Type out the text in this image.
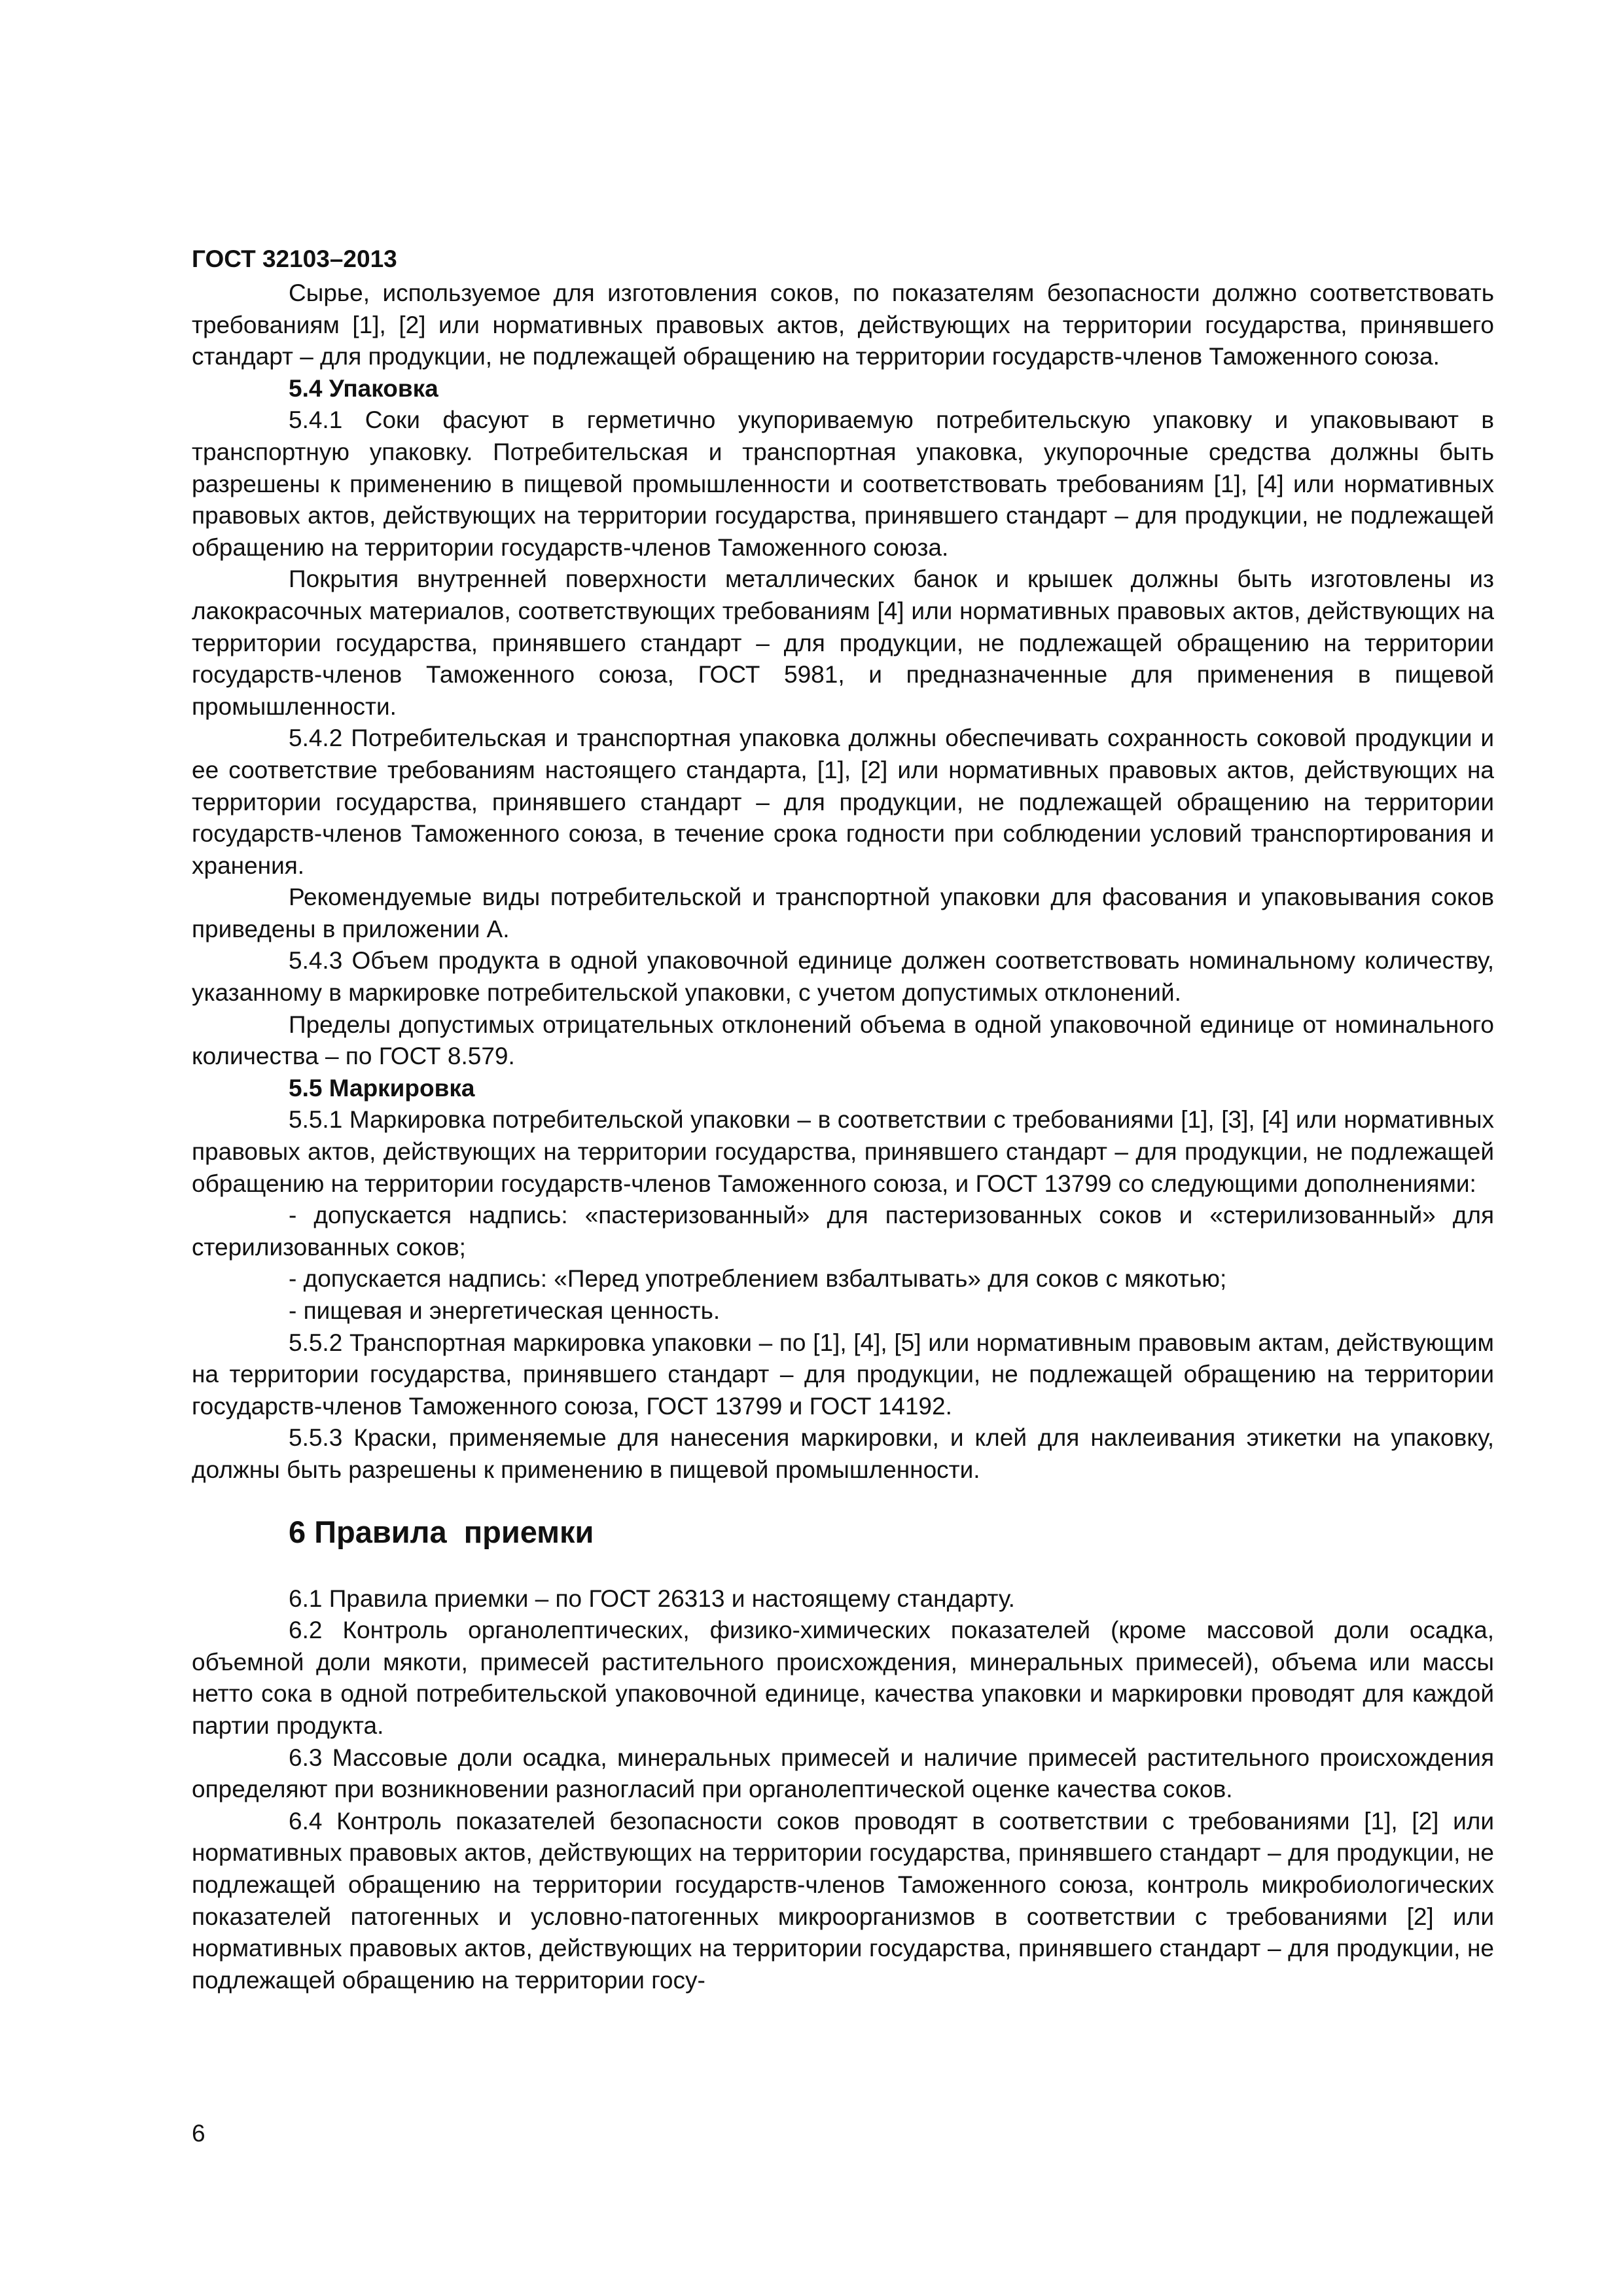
ГОСТ 32103–2013

Сырье, используемое для изготовления соков, по показателям безопасности должно соответствовать требованиям [1], [2] или нормативных правовых актов, действующих на территории государства, принявшего стандарт – для продукции, не подлежащей обращению на территории государств-членов Таможенного союза.

5.4 Упаковка

5.4.1 Соки фасуют в герметично укупориваемую потребительскую упаковку и упаковывают в транспортную упаковку. Потребительская и транспортная упаковка, укупорочные средства должны быть разрешены к применению в пищевой промышленности и соответствовать требованиям [1], [4] или нормативных правовых актов, действующих на территории государства, принявшего стандарт – для продукции, не подлежащей обращению на территории государств-членов Таможенного союза.

Покрытия внутренней поверхности металлических банок и крышек должны быть изготовлены из лакокрасочных материалов, соответствующих требованиям [4] или нормативных правовых актов, действующих на территории государства, принявшего стандарт – для продукции, не подлежащей обращению на территории государств-членов Таможенного союза, ГОСТ 5981, и предназначенные для применения в пищевой промышленности.

5.4.2 Потребительская и транспортная упаковка должны обеспечивать сохранность соковой продукции и ее соответствие требованиям настоящего стандарта, [1], [2] или нормативных правовых актов, действующих на территории государства, принявшего стандарт – для продукции, не подлежащей обращению на территории государств-членов Таможенного союза, в течение срока годности при соблюдении условий транспортирования и хранения.

Рекомендуемые виды потребительской и транспортной упаковки для фасования и упаковывания соков приведены в приложении А.

5.4.3 Объем продукта в одной упаковочной единице должен соответствовать номинальному количеству, указанному в маркировке потребительской упаковки, с учетом допустимых отклонений.

Пределы допустимых отрицательных отклонений объема в одной упаковочной единице от номинального количества – по ГОСТ 8.579.

5.5 Маркировка

5.5.1 Маркировка потребительской упаковки – в соответствии с требованиями [1], [3], [4] или нормативных правовых актов, действующих на территории государства, принявшего стандарт – для продукции, не подлежащей обращению на территории государств-членов Таможенного союза, и ГОСТ 13799 со следующими дополнениями:

- допускается надпись: «пастеризованный» для пастеризованных соков и «стерилизованный» для стерилизованных соков;

- допускается надпись: «Перед употреблением взбалтывать» для соков с мякотью;

- пищевая и энергетическая ценность.

5.5.2 Транспортная маркировка упаковки – по [1], [4], [5] или нормативным правовым актам, действующим на территории государства, принявшего стандарт – для продукции, не подлежащей обращению на территории государств-членов Таможенного союза, ГОСТ 13799 и ГОСТ 14192.

5.5.3 Краски, применяемые для нанесения маркировки, и клей для наклеивания этикетки на упаковку, должны быть разрешены к применению в пищевой промышленности.

6 Правила  приемки

6.1 Правила приемки – по ГОСТ 26313 и настоящему стандарту.

6.2 Контроль органолептических, физико-химических показателей (кроме массовой доли осадка, объемной доли мякоти, примесей растительного происхождения, минеральных примесей), объема или массы нетто сока в одной потребительской упаковочной единице, качества упаковки и маркировки проводят для каждой партии продукта.

6.3 Массовые доли осадка, минеральных примесей и наличие примесей растительного происхождения определяют при возникновении разногласий при органолептической оценке качества соков.

6.4 Контроль показателей безопасности соков проводят в соответствии с требованиями [1], [2] или нормативных правовых актов, действующих на территории государства, принявшего стандарт – для продукции, не подлежащей обращению на территории государств-членов Таможенного союза, контроль микробиологических показателей патогенных и условно-патогенных микроорганизмов в соответствии с требованиями [2] или нормативных правовых актов, действующих на территории государства, принявшего стандарт – для продукции, не подлежащей обращению на территории госу-

6
